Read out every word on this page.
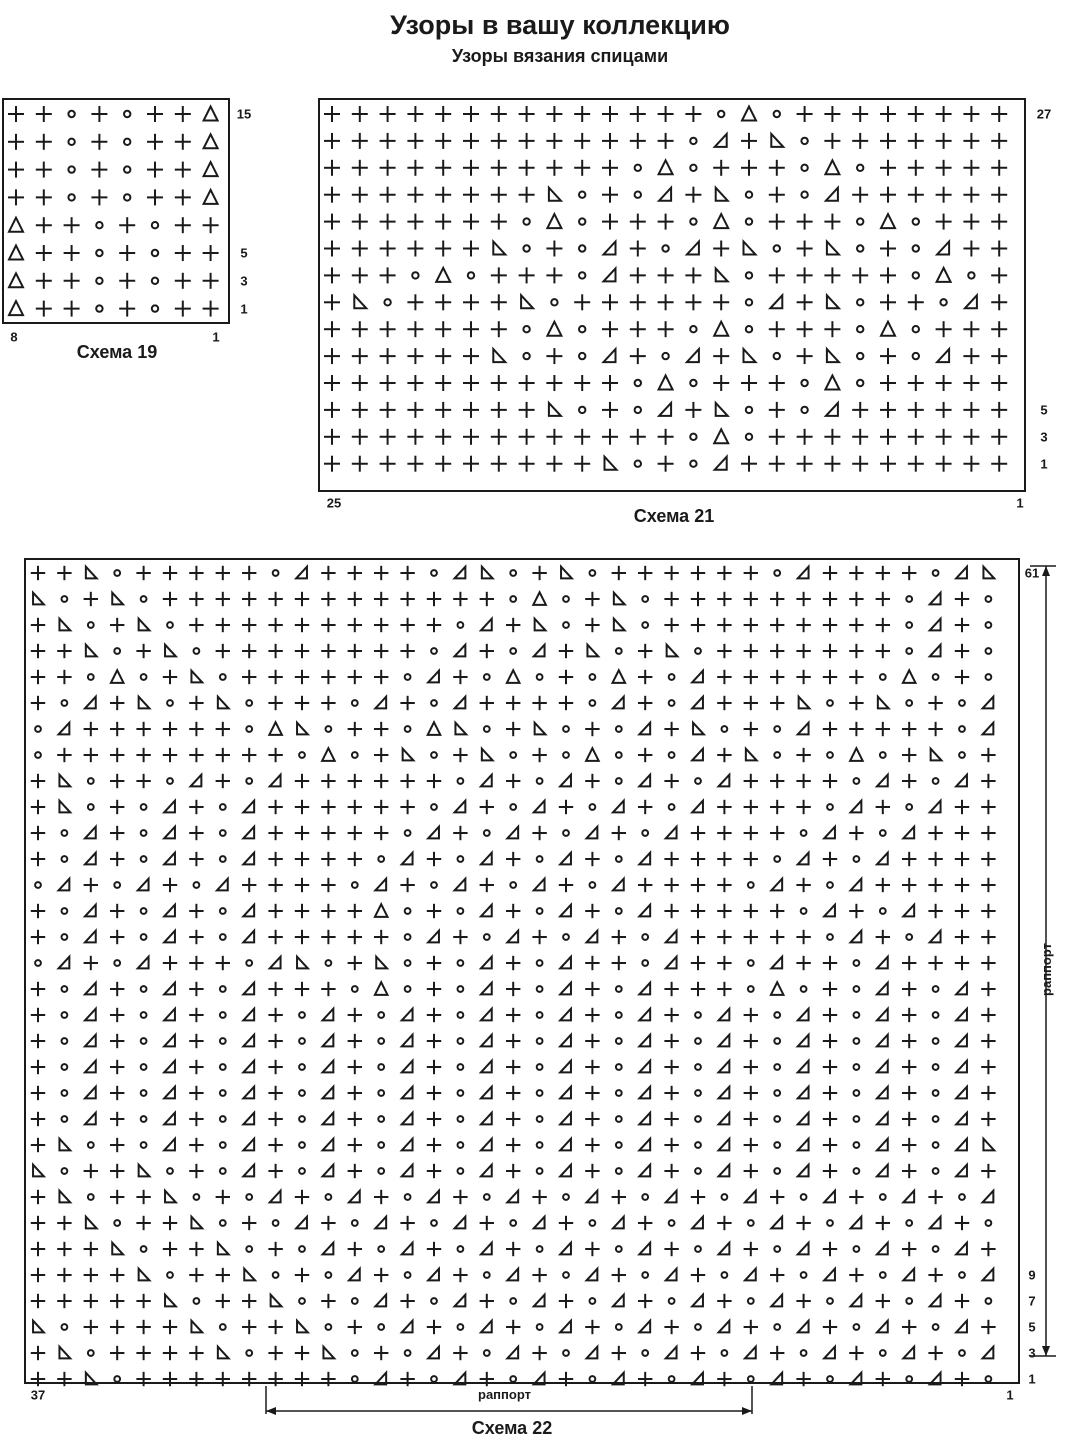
Узоры в вашу коллекцию
Узоры вязания спицами
Схема 19
Схема 21
Схема 22
раппорт
раппорт
15
5
3
1
8	1
27
5
3
1
25	1
61
9
7
5
3
1
37	1
